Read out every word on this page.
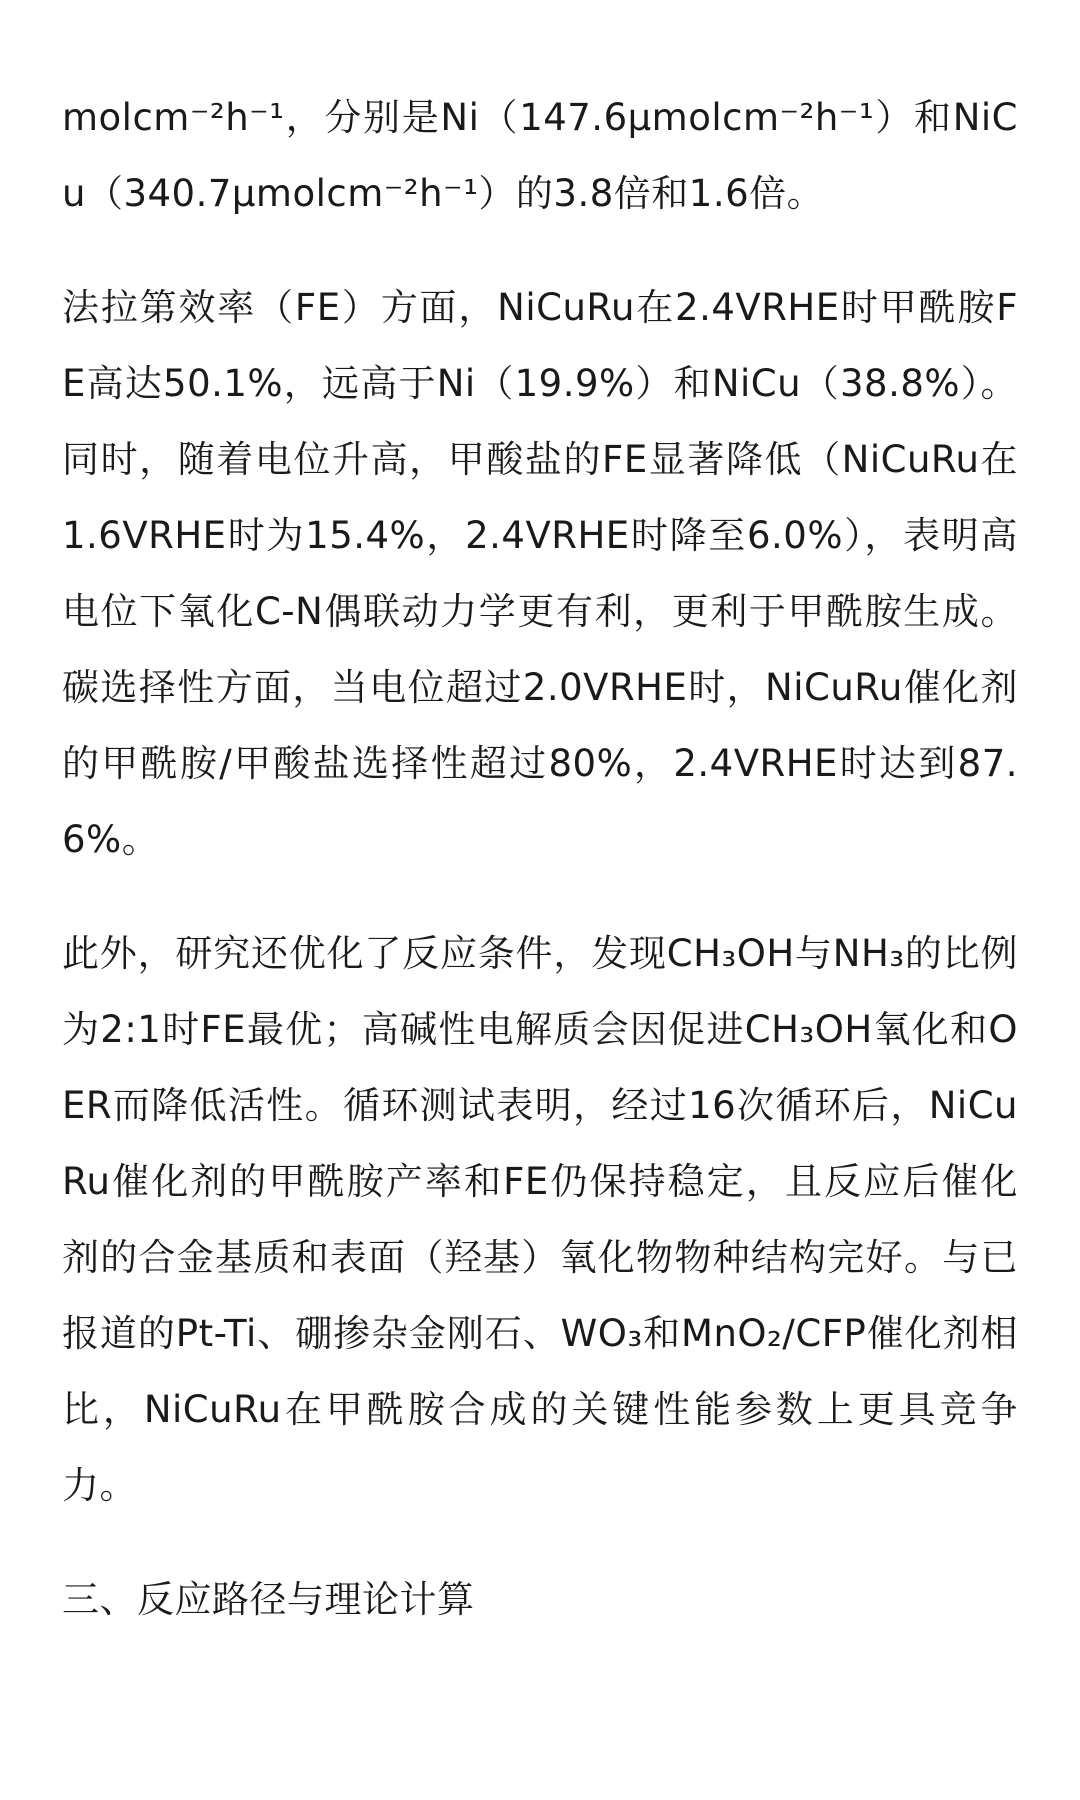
molcm⁻²h⁻¹，分别是Ni（147.6μmolcm⁻²h⁻¹）和NiCu（340.7μmolcm⁻²h⁻¹）的3.8倍和1.6倍。

法拉第效率（FE）方面，NiCuRu在2.4VRHE时甲酰胺FE高达50.1%，远高于Ni（19.9%）和NiCu（38.8%）。同时，随着电位升高，甲酸盐的FE显著降低（NiCuRu在1.6VRHE时为15.4%，2.4VRHE时降至6.0%），表明高电位下氧化C-N偶联动力学更有利，更利于甲酰胺生成。碳选择性方面，当电位超过2.0VRHE时，NiCuRu催化剂的甲酰胺/甲酸盐选择性超过80%，2.4VRHE时达到87.6%。

此外，研究还优化了反应条件，发现CH₃OH与NH₃的比例为2:1时FE最优；高碱性电解质会因促进CH₃OH氧化和OER而降低活性。循环测试表明，经过16次循环后，NiCuRu催化剂的甲酰胺产率和FE仍保持稳定，且反应后催化剂的合金基质和表面（羟基）氧化物物种结构完好。与已报道的Pt-Ti、硼掺杂金刚石、WO₃和MnO₂/CFP催化剂相比，NiCuRu在甲酰胺合成的关键性能参数上更具竞争力。

三、反应路径与理论计算
